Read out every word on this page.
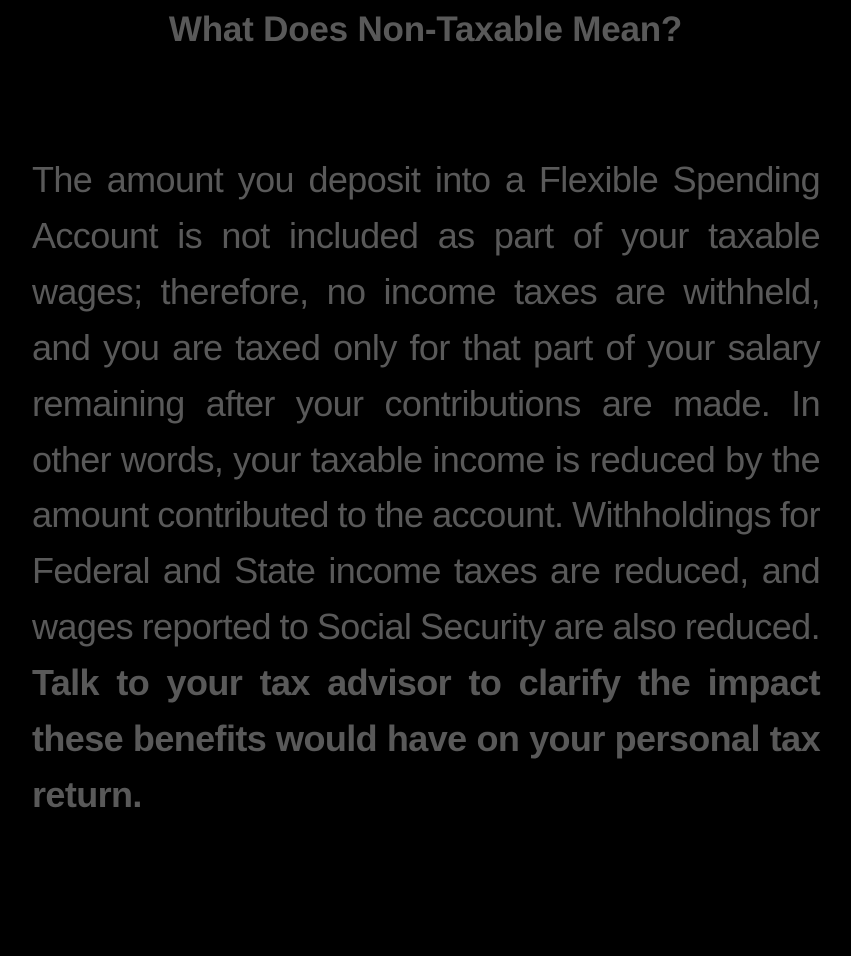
What Does Non-Taxable Mean?

The amount you deposit into a Flexible Spending Account is not included as part of your taxable wages; therefore, no income taxes are withheld, and you are taxed only for that part of your salary remaining after your contributions are made. In other words, your taxable income is reduced by the amount contributed to the account. Withholdings for Federal and State income taxes are reduced, and wages reported to Social Security are also reduced. Talk to your tax advisor to clarify the impact these benefits would have on your personal tax return.
